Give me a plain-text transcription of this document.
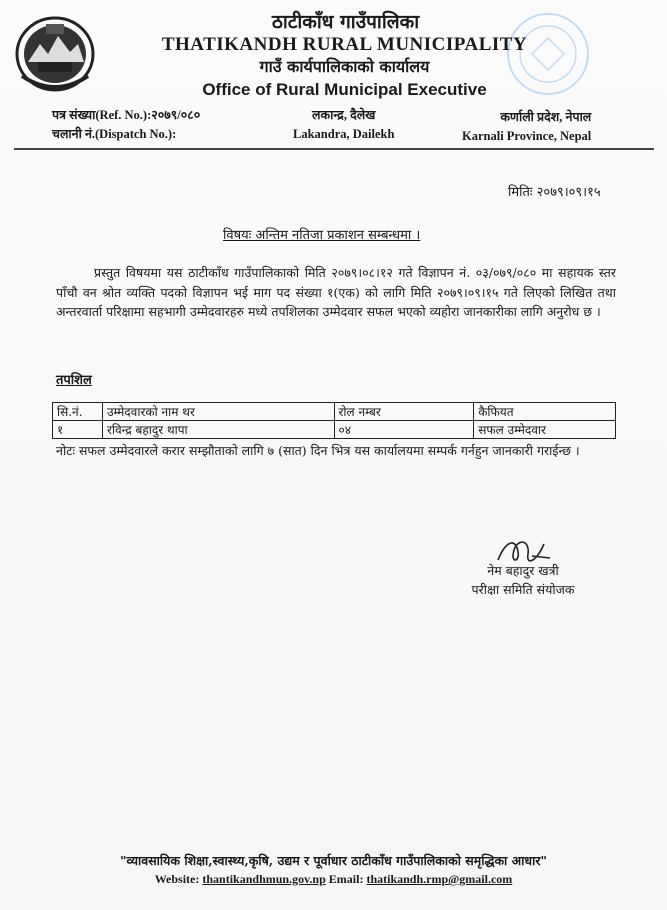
ठाटीकाँध गाउँपालिका
THATIKANDH RURAL MUNICIPALITY
गाउँ कार्यपालिकाको कार्यालय
Office of Rural Municipal Executive
पत्र संख्या(Ref. No.):२०७९/०८०
चलानी नं.(Dispatch No.):
लकान्द्र, दैलेख
Lakandra, Dailekh
कर्णाली प्रदेश, नेपाल
Karnali Province, Nepal
मितिः २०७९।०९।१५
विषयः अन्तिम नतिजा प्रकाशन सम्बन्धमा ।

प्रस्तुत विषयमा यस ठाटीकाँध गाउँपालिकाको मिति २०७९।०८।१२ गते विज्ञापन नं. ०३/०७९/०८० मा सहायक स्तर पाँचौ वन श्रोत व्यक्ति पदको विज्ञापन भई माग पद संख्या १(एक) को लागि मिति २०७९।०९।१५ गते लिएको लिखित तथा अन्तरवार्ता परिक्षामा सहभागी उम्मेदवारहरु मध्ये तपशिलका उम्मेदवार सफल भएको व्यहोरा जानकारीका लागि अनुरोध छ ।

तपशिल
सि.नं.	उम्मेदवारको नाम थर	रोल नम्बर	कैफियत
१	रविन्द्र बहादुर थापा	०४	सफल उम्मेदवार
नोटः सफल उम्मेदवारले करार सम्झौताको लागि ७ (सात) दिन भित्र यस कार्यालयमा सम्पर्क गर्नहुन जानकारी गराईन्छ ।
नेम बहादुर खत्री
परीक्षा समिति संयोजक
"व्यावसायिक शिक्षा,स्वास्थ्य,कृषि, उद्यम र पूर्वाधार ठाटीकाँध गाउँपालिकाको समृद्धिका आधार"
Website: thantikandhmun.gov.np Email: thatikandh.rmp@gmail.com
